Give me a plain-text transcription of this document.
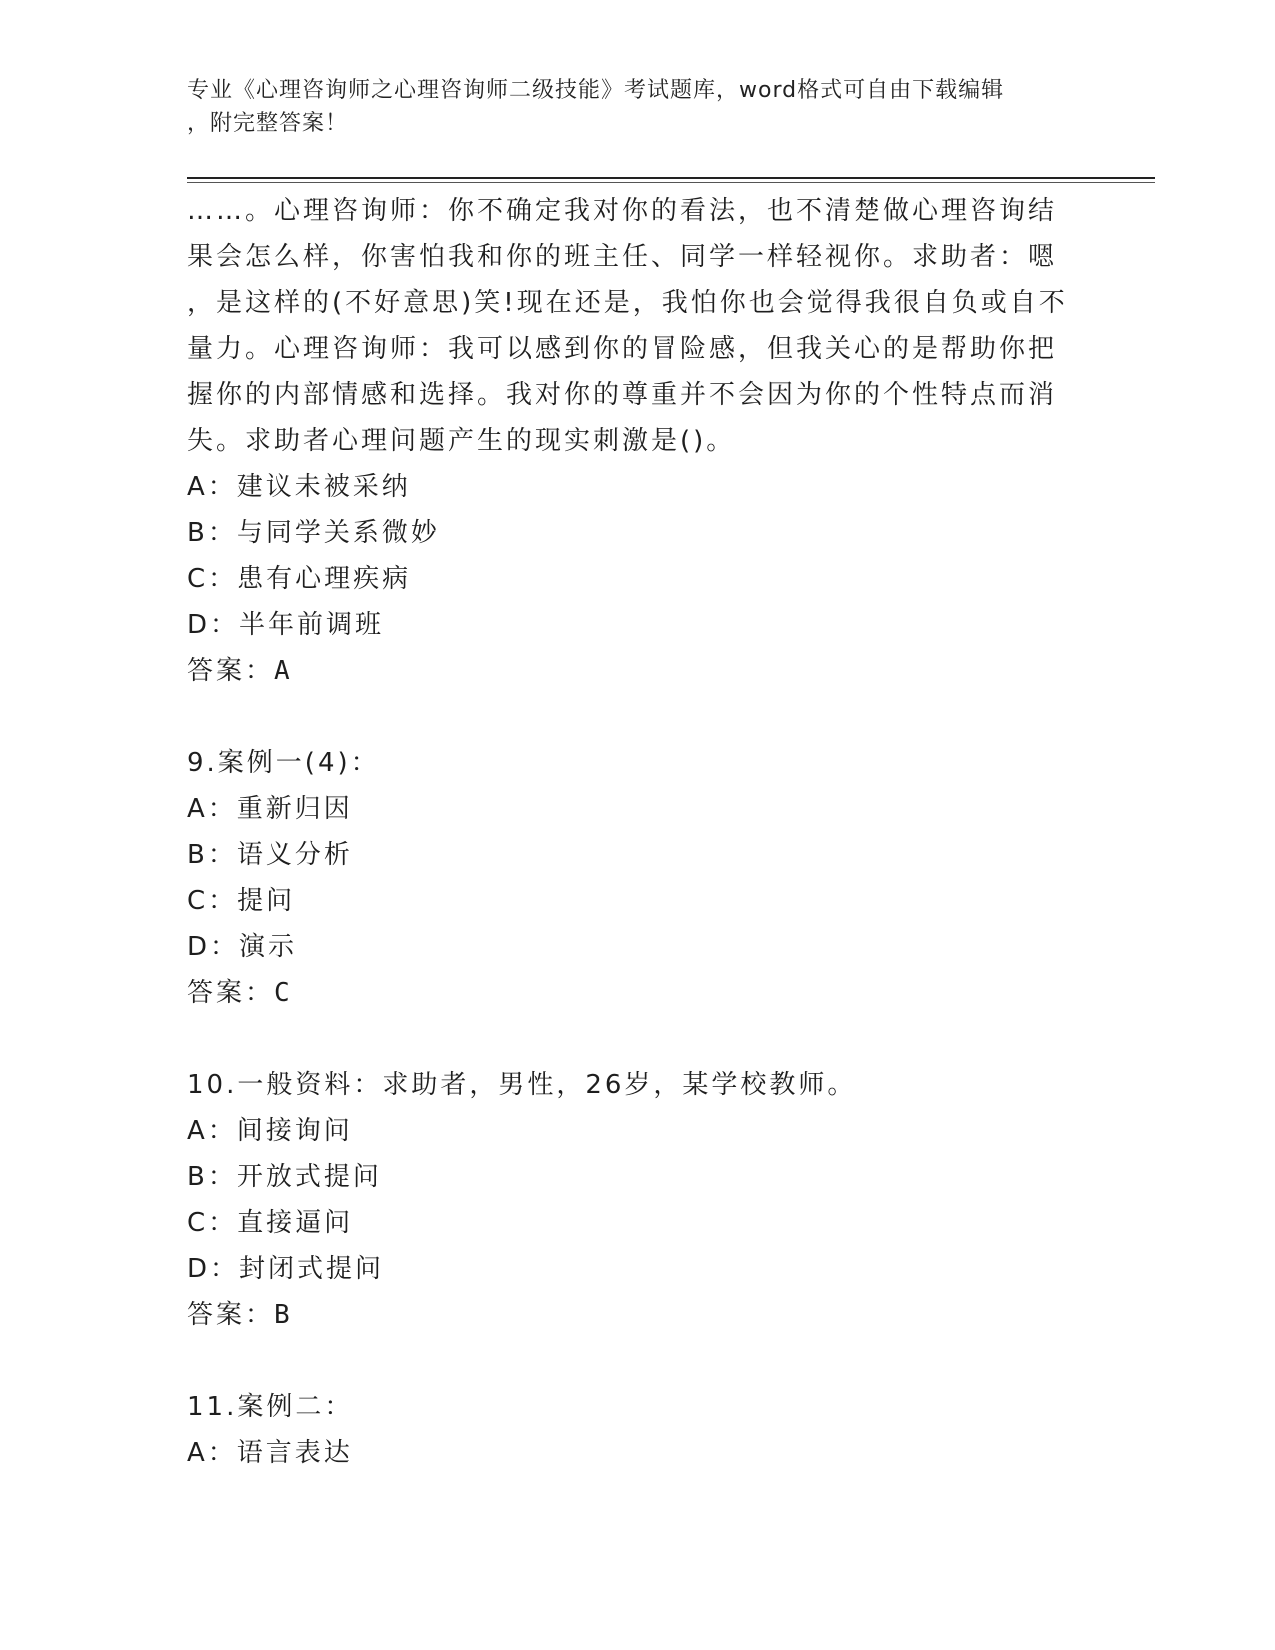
专业《心理咨询师之心理咨询师二级技能》考试题库，word格式可自由下载编辑
，附完整答案！
……。心理咨询师：你不确定我对你的看法，也不清楚做心理咨询结
果会怎么样，你害怕我和你的班主任、同学一样轻视你。求助者：嗯
，是这样的(不好意思)笑!现在还是，我怕你也会觉得我很自负或自不
量力。心理咨询师：我可以感到你的冒险感，但我关心的是帮助你把
握你的内部情感和选择。我对你的尊重并不会因为你的个性特点而消
失。求助者心理问题产生的现实刺激是()。
A：建议未被采纳
B：与同学关系微妙
C：患有心理疾病
D：半年前调班
答案：A
9.案例一(4)：
A：重新归因
B：语义分析
C：提问
D：演示
答案：C
10.一般资料：求助者，男性，26岁，某学校教师。
A：间接询问
B：开放式提问
C：直接逼问
D：封闭式提问
答案：B
11.案例二：
A：语言表达
